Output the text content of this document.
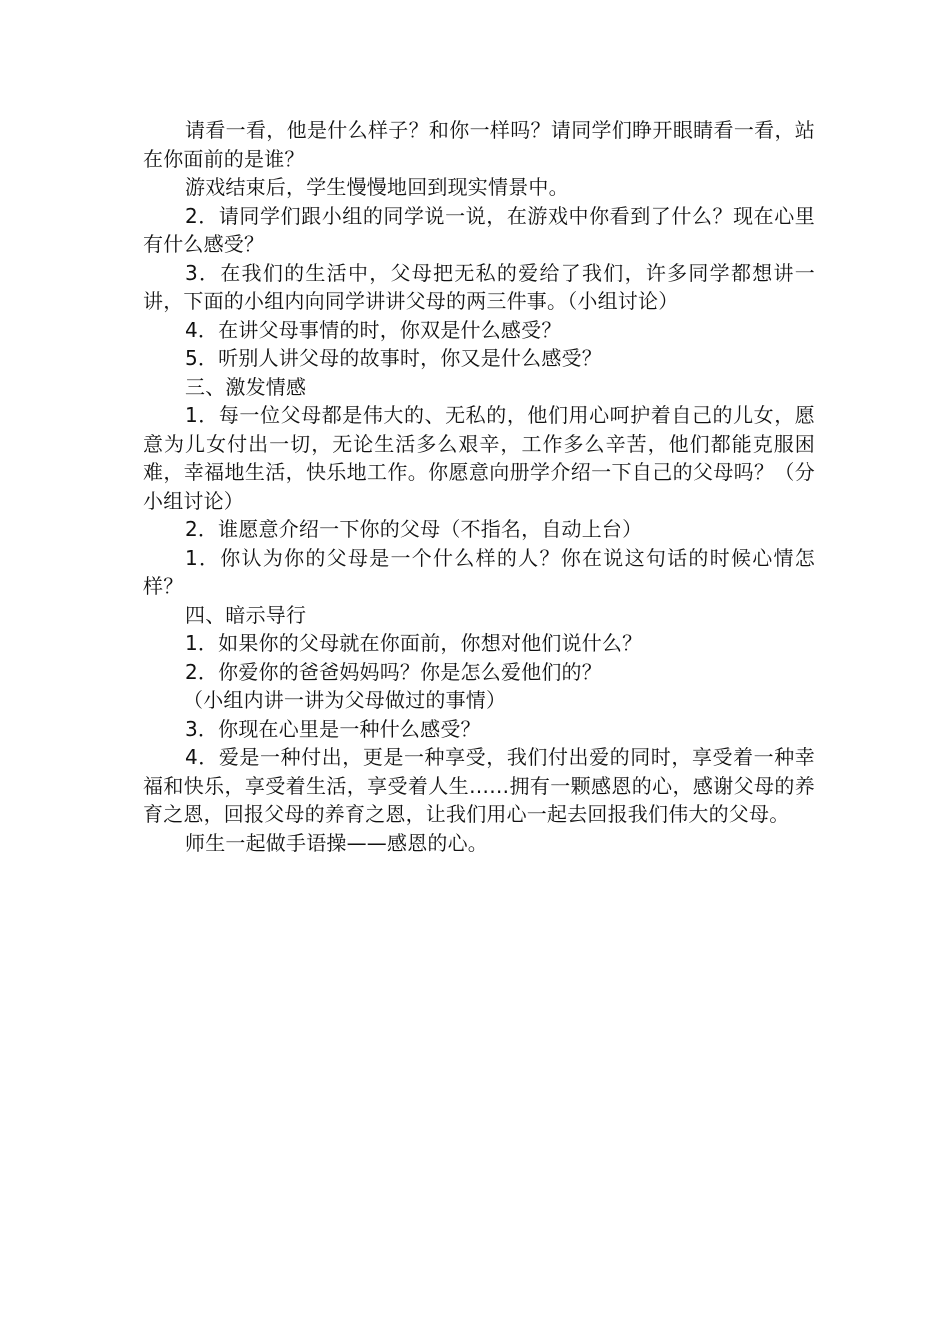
请看一看，他是什么样子？和你一样吗？请同学们睁开眼睛看一看，站在你面前的是谁？

游戏结束后，学生慢慢地回到现实情景中。

2．请同学们跟小组的同学说一说，在游戏中你看到了什么？现在心里有什么感受？

3．在我们的生活中，父母把无私的爱给了我们，许多同学都想讲一讲，下面的小组内向同学讲讲父母的两三件事。（小组讨论）

4．在讲父母事情的时，你双是什么感受？

5．听别人讲父母的故事时，你又是什么感受？

三、激发情感

1．每一位父母都是伟大的、无私的，他们用心呵护着自己的儿女，愿意为儿女付出一切，无论生活多么艰辛，工作多么辛苦，他们都能克服困难，幸福地生活，快乐地工作。你愿意向册学介绍一下自己的父母吗？（分小组讨论）

2．谁愿意介绍一下你的父母（不指名，自动上台）

1．你认为你的父母是一个什么样的人？你在说这句话的时候心情怎样？

四、暗示导行

1．如果你的父母就在你面前，你想对他们说什么？

2．你爱你的爸爸妈妈吗？你是怎么爱他们的？

（小组内讲一讲为父母做过的事情）

3．你现在心里是一种什么感受？

4．爱是一种付出，更是一种享受，我们付出爱的同时，享受着一种幸福和快乐，享受着生活，享受着人生……拥有一颗感恩的心，感谢父母的养育之恩，回报父母的养育之恩，让我们用心一起去回报我们伟大的父母。

师生一起做手语操——感恩的心。
